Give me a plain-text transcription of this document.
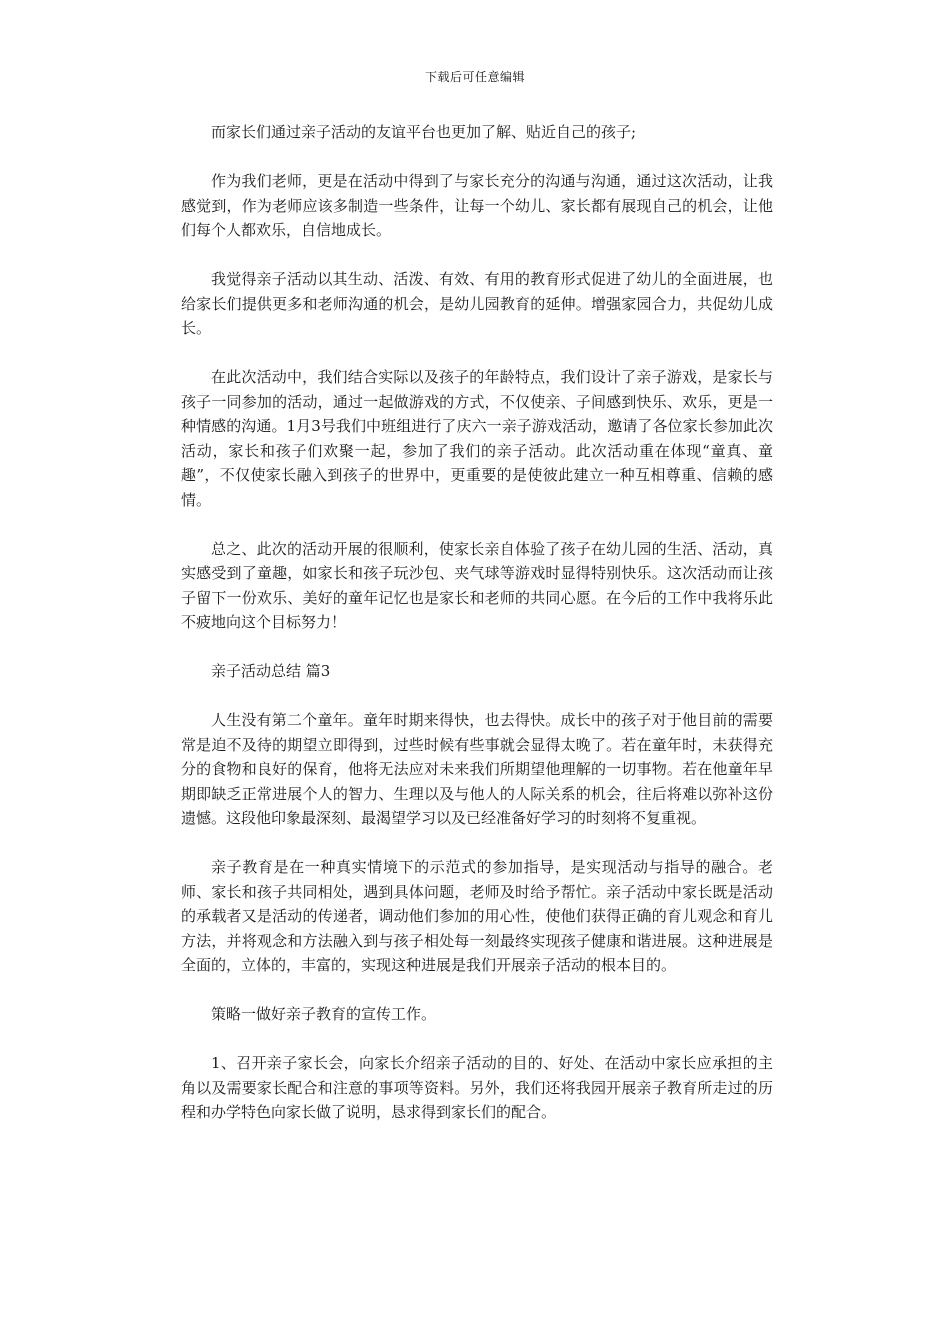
下载后可任意编辑

而家长们通过亲子活动的友谊平台也更加了解、贴近自己的孩子;

作为我们老师，更是在活动中得到了与家长充分的沟通与沟通，通过这次活动，让我感觉到，作为老师应该多制造一些条件，让每一个幼儿、家长都有展现自己的机会，让他们每个人都欢乐，自信地成长。

我觉得亲子活动以其生动、活泼、有效、有用的教育形式促进了幼儿的全面进展，也给家长们提供更多和老师沟通的机会，是幼儿园教育的延伸。增强家园合力，共促幼儿成长。

在此次活动中，我们结合实际以及孩子的年龄特点，我们设计了亲子游戏，是家长与孩子一同参加的活动，通过一起做游戏的方式，不仅使亲、子间感到快乐、欢乐，更是一种情感的沟通。1月3号我们中班组进行了庆六一亲子游戏活动，邀请了各位家长参加此次活动，家长和孩子们欢聚一起，参加了我们的亲子活动。此次活动重在体现“童真、童趣”，不仅使家长融入到孩子的世界中，更重要的是使彼此建立一种互相尊重、信赖的感情。

总之、此次的活动开展的很顺利，使家长亲自体验了孩子在幼儿园的生活、活动，真实感受到了童趣，如家长和孩子玩沙包、夹气球等游戏时显得特别快乐。这次活动而让孩子留下一份欢乐、美好的童年记忆也是家长和老师的共同心愿。在今后的工作中我将乐此不疲地向这个目标努力！

亲子活动总结 篇3

人生没有第二个童年。童年时期来得快，也去得快。成长中的孩子对于他目前的需要常是迫不及待的期望立即得到，过些时候有些事就会显得太晚了。若在童年时，未获得充分的食物和良好的保育，他将无法应对未来我们所期望他理解的一切事物。若在他童年早期即缺乏正常进展个人的智力、生理以及与他人的人际关系的机会，往后将难以弥补这份遗憾。这段他印象最深刻、最渴望学习以及已经准备好学习的时刻将不复重视。

亲子教育是在一种真实情境下的示范式的参加指导，是实现活动与指导的融合。老师、家长和孩子共同相处，遇到具体问题，老师及时给予帮忙。亲子活动中家长既是活动的承载者又是活动的传递者，调动他们参加的用心性，使他们获得正确的育儿观念和育儿方法，并将观念和方法融入到与孩子相处每一刻最终实现孩子健康和谐进展。这种进展是全面的，立体的，丰富的，实现这种进展是我们开展亲子活动的根本目的。

策略一做好亲子教育的宣传工作。

1、召开亲子家长会，向家长介绍亲子活动的目的、好处、在活动中家长应承担的主角以及需要家长配合和注意的事项等资料。另外，我们还将我园开展亲子教育所走过的历程和办学特色向家长做了说明，恳求得到家长们的配合。
